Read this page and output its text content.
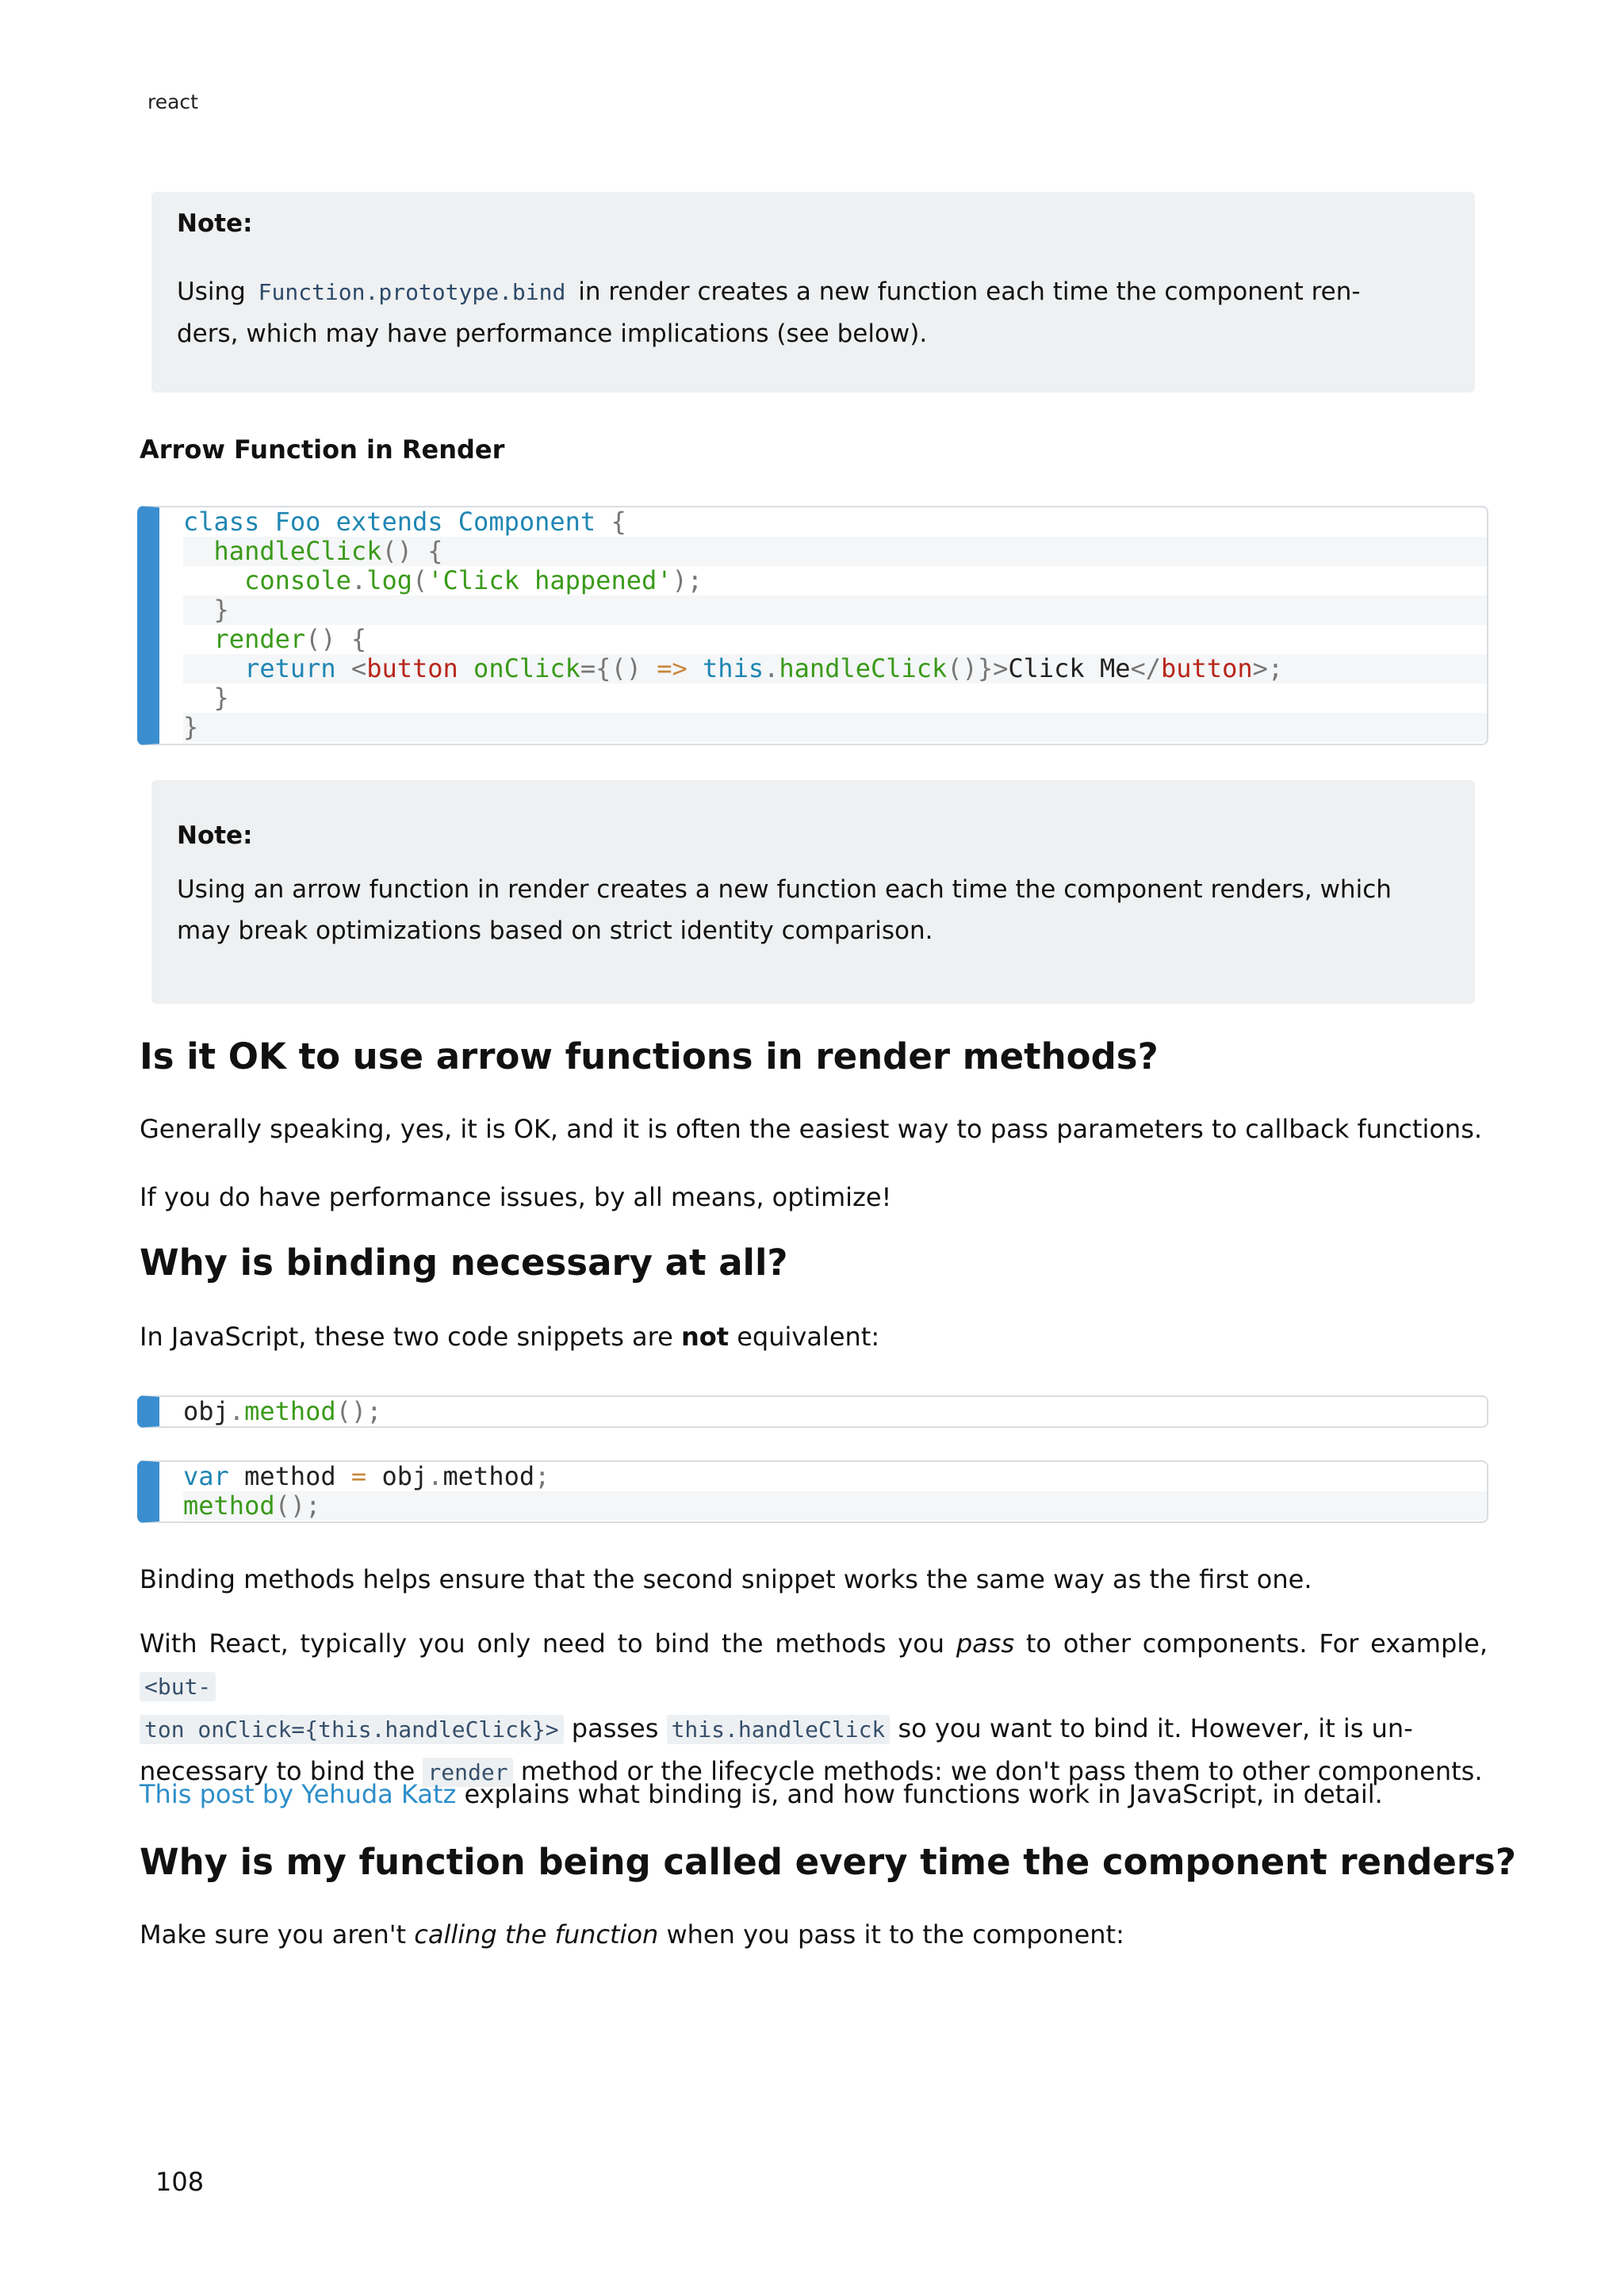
react
Note:

Using Function.prototype.bind in render creates a new function each time the component ren-
ders, which may have performance implications (see below).

Arrow Function in Render
class Foo extends Component {
handleClick() {
console.log('Click happened');
}
render() {
return <button onClick={() => this.handleClick()}>Click Me</button>;
}
}
Note:

Using an arrow function in render creates a new function each time the component renders, which
may break optimizations based on strict identity comparison.

Is it OK to use arrow functions in render methods?

Generally speaking, yes, it is OK, and it is often the easiest way to pass parameters to callback functions.

If you do have performance issues, by all means, optimize!

Why is binding necessary at all?

In JavaScript, these two code snippets are not equivalent:

obj.method();
var method = obj.method;
method();

Binding methods helps ensure that the second snippet works the same way as the first one.

With React, typically you only need to bind the methods you pass to other components. For example, <but-
ton onClick={this.handleClick}> passes this.handleClick so you want to bind it. However, it is un-
necessary to bind the render method or the lifecycle methods: we don't pass them to other components.

This post by Yehuda Katz explains what binding is, and how functions work in JavaScript, in detail.

Why is my function being called every time the component renders?

Make sure you aren't calling the function when you pass it to the component:

108
